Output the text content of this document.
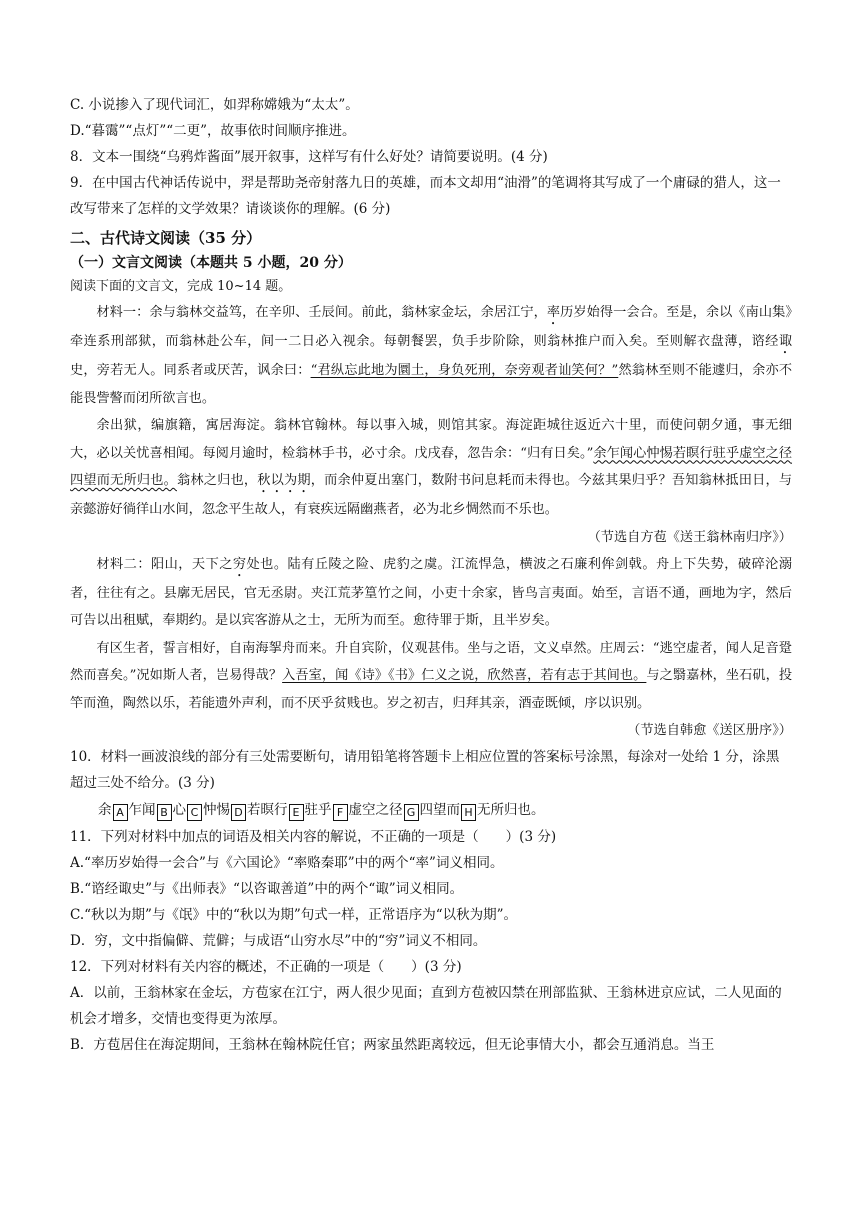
C. 小说掺入了现代词汇，如羿称嫦娥为“太太”。
D.“暮霭”“点灯”“二更”，故事依时间顺序推进。
8．文本一围绕“乌鸦炸酱面”展开叙事，这样写有什么好处？请简要说明。(4 分)
9．在中国古代神话传说中，羿是帮助尧帝射落九日的英雄，而本文却用“油滑”的笔调将其写成了一个庸碌的猎人，这一改写带来了怎样的文学效果？请谈谈你的理解。(6 分)
二、古代诗文阅读（35 分）
（一）文言文阅读（本题共 5 小题，20 分）
阅读下面的文言文，完成 10~14 题。
材料一：余与翁林交益笃，在辛卯、壬辰间。前此，翁林家金坛，余居江宁，率历岁始得一会合。至是，余以《南山集》牵连系刑部狱，而翁林赴公车，间一二日必入视余。每朝餐罢，负手步阶除，则翁林推户而入矣。至则解衣盘薄，谘经诹史，旁若无人。同系者或厌苦，讽余曰：“君纵忘此地为圜土，身负死刑，奈旁观者讪笑何？”然翁林至则不能遽归，余亦不能畏訾謷而闭所欲言也。
余出狱，编旗籍，寓居海淀。翁林官翰林。每以事入城，则馆其家。海淀距城往返近六十里，而使问朝夕通，事无细大，必以关忧喜相闻。每阅月逾时，检翁林手书，必寸余。戊戌春，忽告余：“归有日矣。”余乍闻心忡惕若瞑行驻乎虚空之径四望而无所归也。翁林之归也，秋以为期，而余仲夏出塞门，数附书问息耗而未得也。今兹其果归乎？吾知翁林抵田日，与亲懿游好徜徉山水间，忽念平生故人，有衰疾远隔幽燕者，必为北乡惆然而不乐也。
（节选自方苞《送王翁林南归序》）
材料二：阳山，天下之穷处也。陆有丘陵之险、虎豹之虞。江流悍急，横波之石廉利侔剑戟。舟上下失势，破碎沦溺者，往往有之。县廓无居民，官无丞尉。夹江荒茅篁竹之间，小吏十余家，皆鸟言夷面。始至，言语不通，画地为字，然后可告以出租赋，奉期约。是以宾客游从之士，无所为而至。愈待罪于斯，且半岁矣。
有区生者，誓言相好，自南海挐舟而来。升自宾阶，仪观甚伟。坐与之语，文义卓然。庄周云：“逃空虚者，闻人足音跫然而喜矣。”况如斯人者，岂易得哉？入吾室，闻《诗》《书》仁义之说，欣然喜，若有志于其间也。与之翳嘉林，坐石矶，投竿而渔，陶然以乐，若能遗外声利，而不厌乎贫贱也。岁之初吉，归拜其亲，酒壶既倾，序以识别。
（节选自韩愈《送区册序》）
10．材料一画波浪线的部分有三处需要断句，请用铅笔将答题卡上相应位置的答案标号涂黑，每涂对一处给 1 分，涂黑超过三处不给分。(3 分)
余 A 乍闻 B 心 C 忡惕 D 若暝行 E 驻乎 F 虚空之径 G 四望而 H 无所归也。
11．下列对材料中加点的词语及相关内容的解说，不正确的一项是（　　）(3 分)
A.“率历岁始得一会合”与《六国论》“率赂秦耶”中的两个“率”词义相同。
B.“谘经诹史”与《出师表》“以咨诹善道”中的两个“诹”词义相同。
C.“秋以为期”与《氓》中的“秋以为期”句式一样，正常语序为“以秋为期”。
D．穷，文中指偏僻、荒僻；与成语“山穷水尽”中的“穷”词义不相同。
12．下列对材料有关内容的概述，不正确的一项是（　　）(3 分)
A．以前，王翁林家在金坛，方苞家在江宁，两人很少见面；直到方苞被囚禁在刑部监狱、王翁林进京应试，二人见面的机会才增多，交情也变得更为浓厚。
B．方苞居住在海淀期间，王翁林在翰林院任官；两家虽然距离较远，但无论事情大小，都会互通消息。当王
